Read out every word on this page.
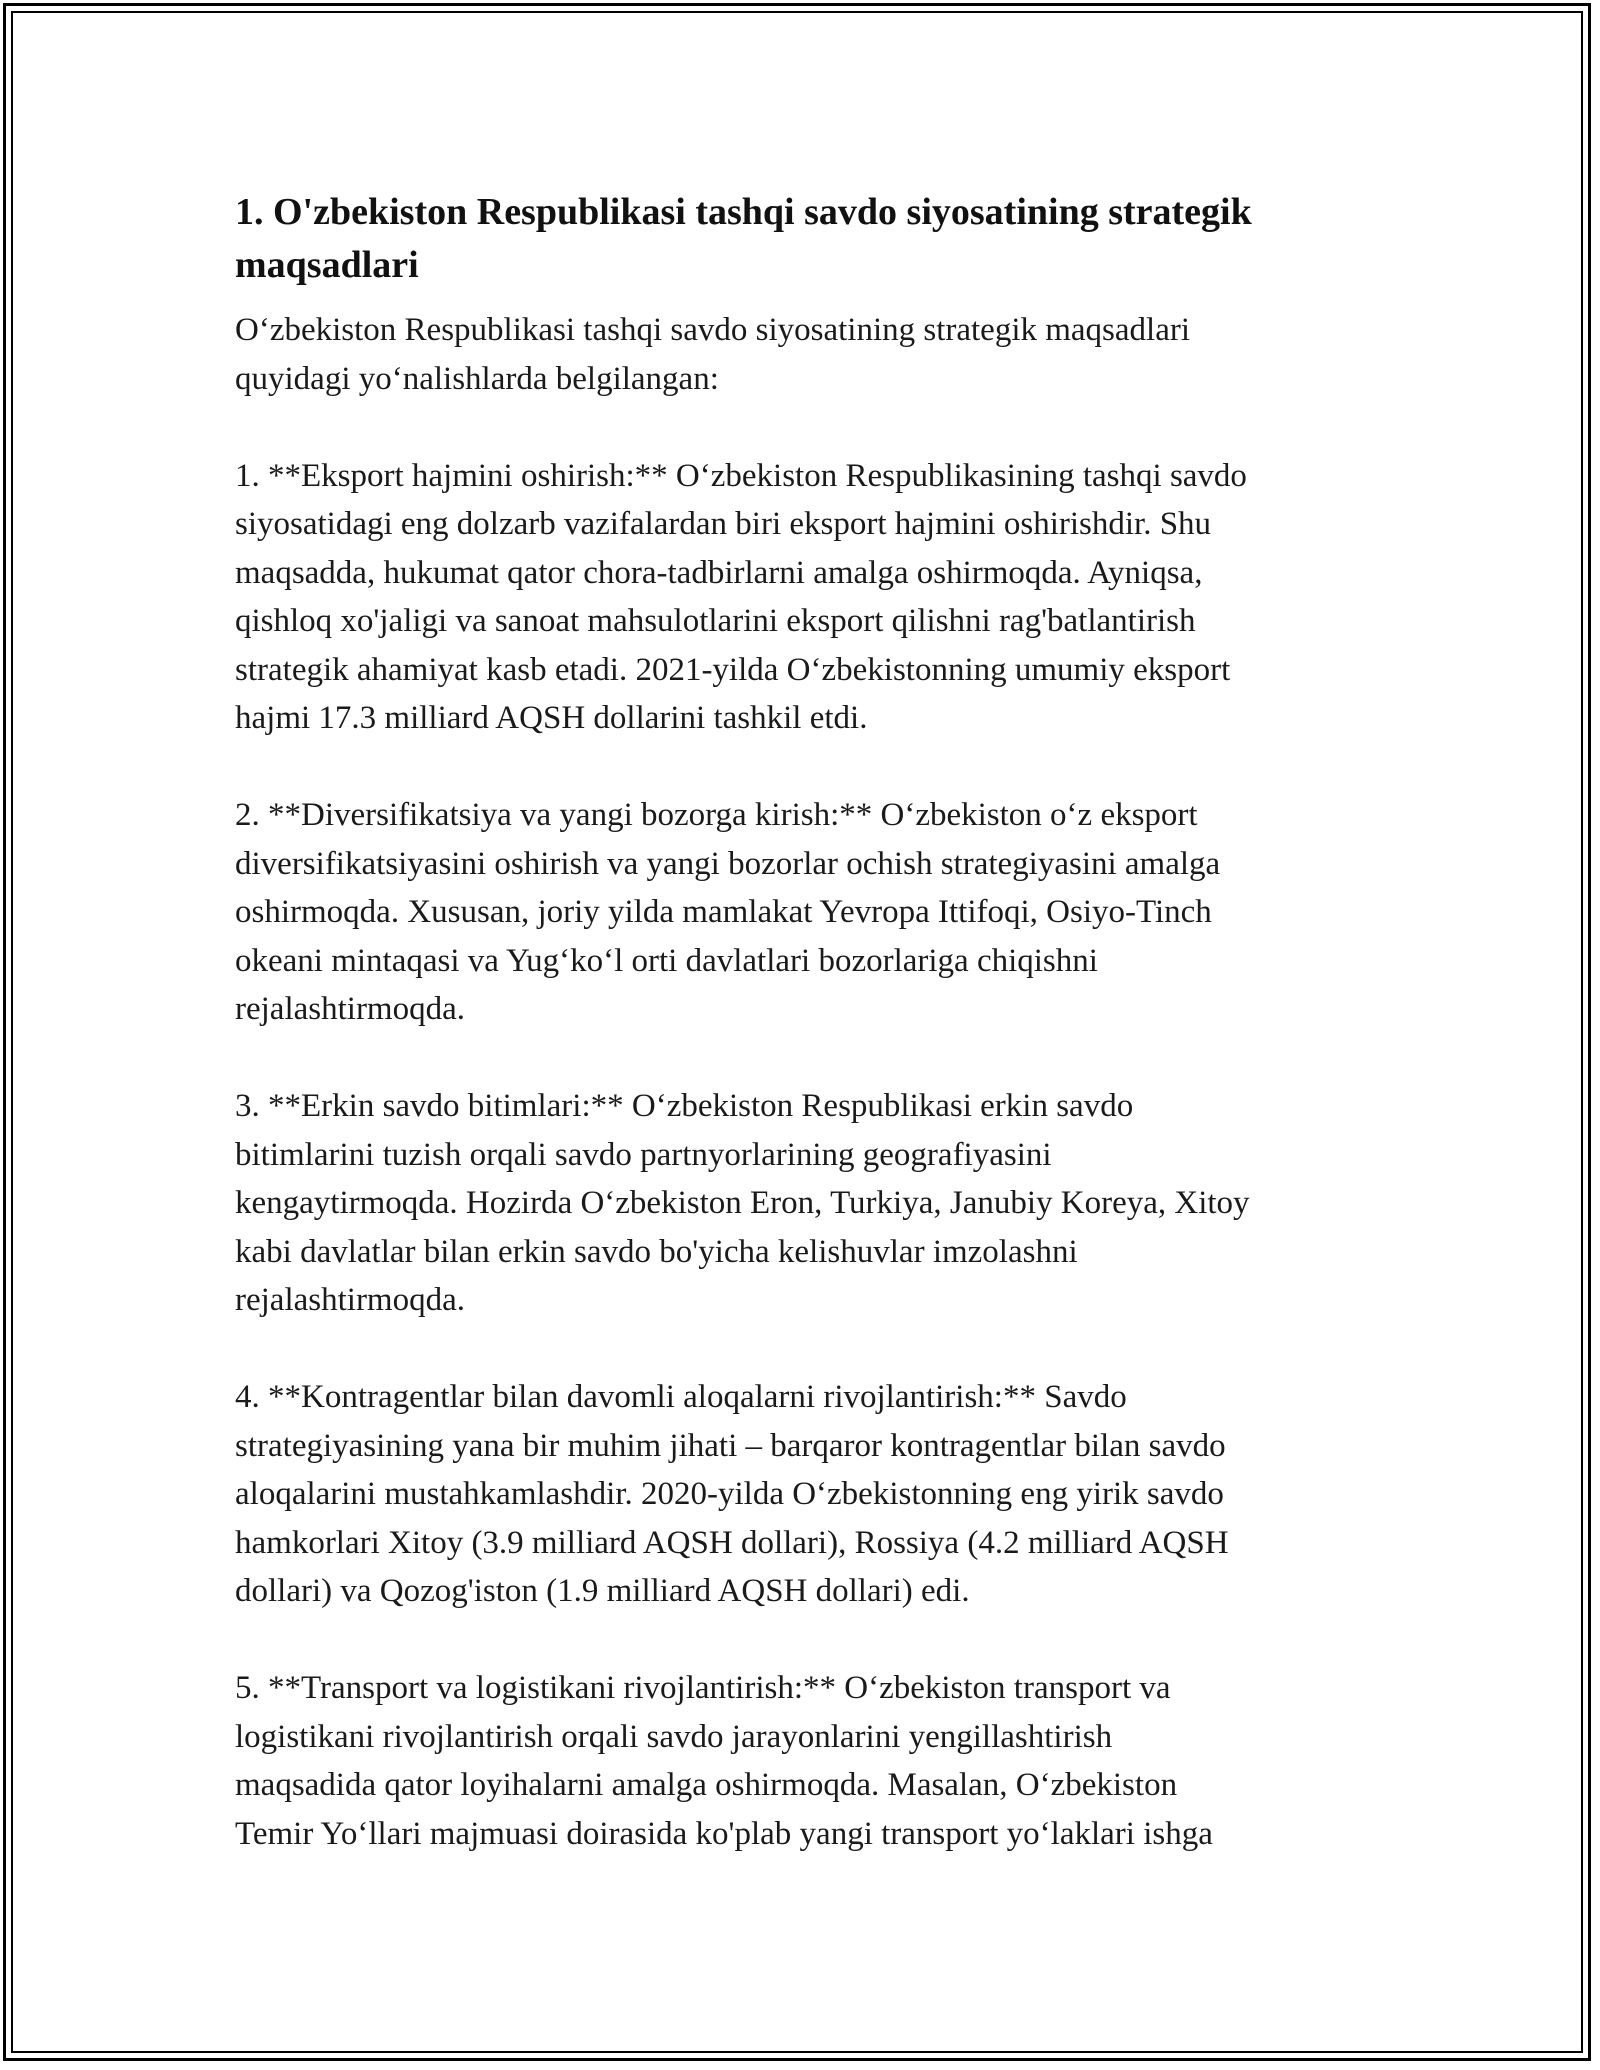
1. O'zbekiston Respublikasi tashqi savdo siyosatining strategik maqsadlari

O‘zbekiston Respublikasi tashqi savdo siyosatining strategik maqsadlari
quyidagi yo‘nalishlarda belgilangan:

1. **Eksport hajmini oshirish:** O‘zbekiston Respublikasining tashqi savdo
siyosatidagi eng dolzarb vazifalardan biri eksport hajmini oshirishdir. Shu
maqsadda, hukumat qator chora-tadbirlarni amalga oshirmoqda. Ayniqsa,
qishloq xo'jaligi va sanoat mahsulotlarini eksport qilishni rag'batlantirish
strategik ahamiyat kasb etadi. 2021-yilda O‘zbekistonning umumiy eksport
hajmi 17.3 milliard AQSH dollarini tashkil etdi.

2. **Diversifikatsiya va yangi bozorga kirish:** O‘zbekiston o‘z eksport
diversifikatsiyasini oshirish va yangi bozorlar ochish strategiyasini amalga
oshirmoqda. Xususan, joriy yilda mamlakat Yevropa Ittifoqi, Osiyo-Tinch
okeani mintaqasi va Yug‘ko‘l orti davlatlari bozorlariga chiqishni
rejalashtirmoqda.

3. **Erkin savdo bitimlari:** O‘zbekiston Respublikasi erkin savdo
bitimlarini tuzish orqali savdo partnyorlarining geografiyasini
kengaytirmoqda. Hozirda O‘zbekiston Eron, Turkiya, Janubiy Koreya, Xitoy
kabi davlatlar bilan erkin savdo bo'yicha kelishuvlar imzolashni
rejalashtirmoqda.

4. **Kontragentlar bilan davomli aloqalarni rivojlantirish:** Savdo
strategiyasining yana bir muhim jihati – barqaror kontragentlar bilan savdo
aloqalarini mustahkamlashdir. 2020-yilda O‘zbekistonning eng yirik savdo
hamkorlari Xitoy (3.9 milliard AQSH dollari), Rossiya (4.2 milliard AQSH
dollari) va Qozog'iston (1.9 milliard AQSH dollari) edi.

5. **Transport va logistikani rivojlantirish:** O‘zbekiston transport va
logistikani rivojlantirish orqali savdo jarayonlarini yengillashtirish
maqsadida qator loyihalarni amalga oshirmoqda. Masalan, O‘zbekiston
Temir Yo‘llari majmuasi doirasida ko'plab yangi transport yo‘laklari ishga
